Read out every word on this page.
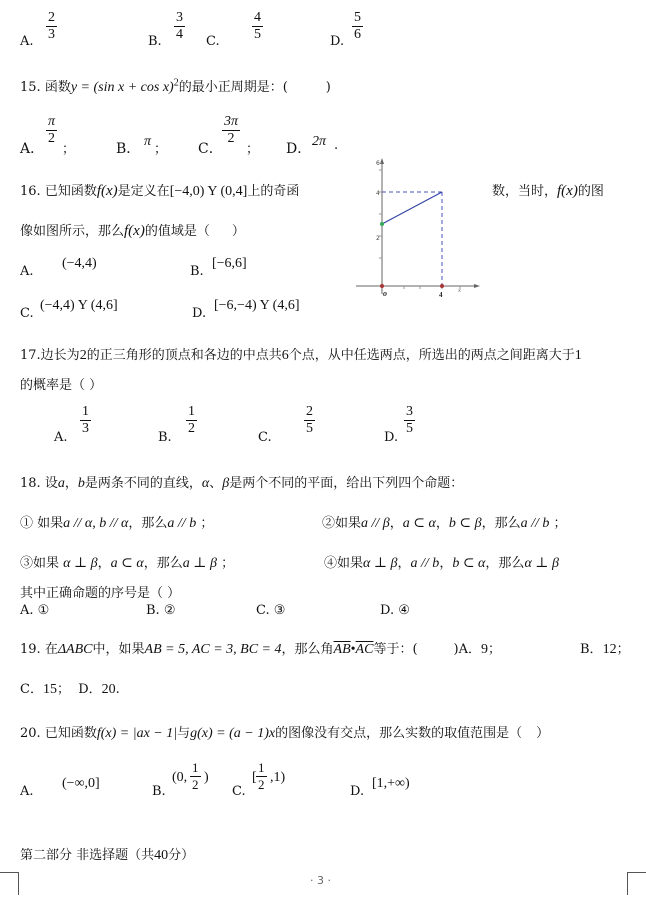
A. $\frac{2}{3}$	B. $\frac{3}{4} C$. $\frac{4}{5}$	D. $\frac{5}{6}$
15. 函数y = (sin x + cos x)$^2$的最小正周期是：(	)
A．
$\frac{\pi}{2}$
；	B． π
； C．
$\frac{3\pi}{2}$
； D． 2π .
16. 已知函数f(x)是定义在[−4,0) Y (0,4]上的奇函	数，当时，f(x)的图
像如图所示，那么f(x)的值域是（ ）
A.
(−4,4)
B.
[−6,6]
C.
(−4,4) Y (4,6]
D.
[−6,−4) Y (4,6]
6
4
2
o	4	x
17.边长为2的正三角形的顶点和各边的中点共6个点，从中任选两点，所选出的两点之间距离大于1
的概率是（ ）
A.
$\frac{1}{3}$
B.
$\frac{1}{2}$
C.
$\frac{2}{5}$
D.
$\frac{3}{5}$
18. 设a，b是两条不同的直线，α、β是两个不同的平面，给出下列四个命题：
① 如果a // α, b // α，那么a // b ；	②如果a // β，a ⊂ α，b ⊂ β，那么a // b ；
③如果 α ⊥ β，a ⊂ α，那么a ⊥ β ；	④如果α ⊥ β，a // b，b ⊂ α，那么α ⊥ β
其中正确命题的序号是（ ）
A. ①	B. ②	C. ③	D. ④
19. 在ΔABC中，如果AB = 5, AC = 3, BC = 4，那么角$\overline{AB}•\overline{AC}$等于：(	)A．9；	B．12；
C．15； D．20.
20. 已知函数f(x) = |ax − 1|与g(x) = (a − 1)x的图像没有交点，那么实数的取值范围是（ ）
A.
(−∞,0]
B.
(0, $\frac{1}{2}$ )
C.
[ $\frac{1}{2} ,1$)
D.
[1,+∞)
第二部分 非选择题（共40分）
· 3 ·
